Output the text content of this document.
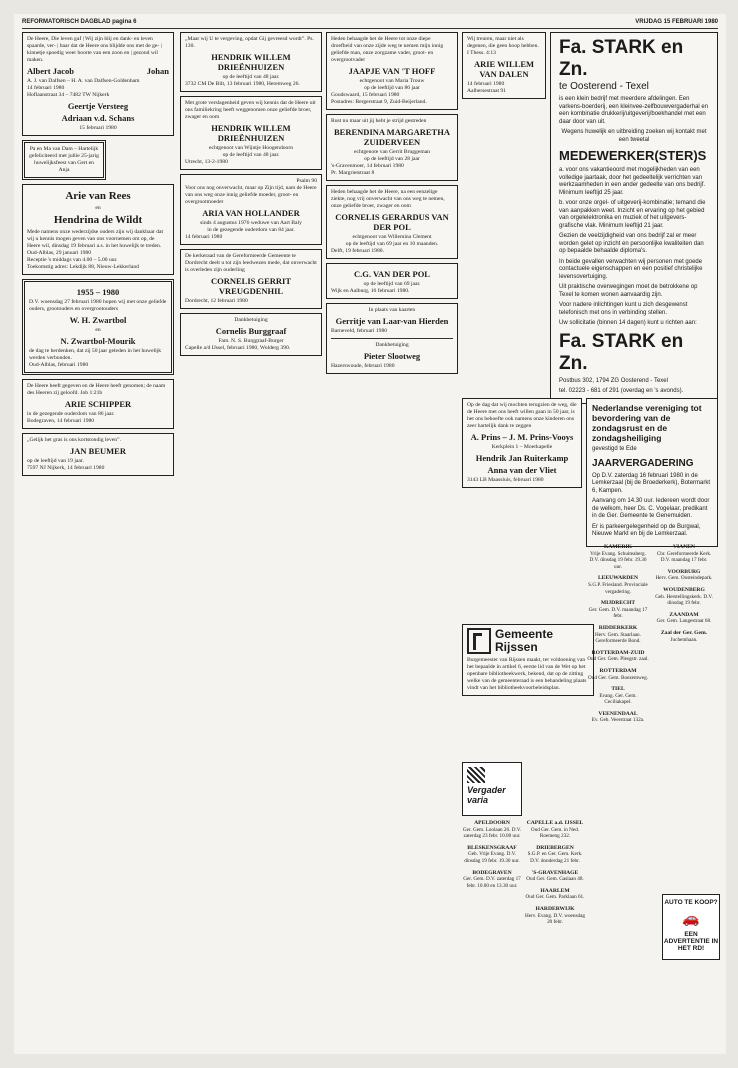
REFORMATORISCH DAGBLAD pagina 6	VRIJDAG 15 FEBRUARI 1980
De Heere, Die leven gaf | Wij zijn blij en dank- en leven spaarde, ver- | baar dat de Heere ons blijdde ons met de ge- | kinnetje spoedig weer boorte van een zoon en | gezond wil maken.
Albert Jacob	Johan
A. J. van Dalfsen – H. A. van Dalfsen-Goldenham
14 februari 1980
Hoflaanstraat 34 – 7482 TW Nijkerk
Geertje Versteeg
Adriaan v.d. Schans
15 februari 1980
Pa en Ma van Dam – Hartelijk gefeliciteerd met jullie 25-jarig huwelijksfeest van Gert en Anja
Arie van Rees
en
Hendrina de Wildt
Mede namens onze wederzijdse ouders zijn wij dankbaar dat wij u kennis mogen geven van ons voornemen om op, de Heere wil, dinsdag 19 februari a.s. in het huwelijk te treden.
Oud-Alblas, 29 januari 1980
Receptie 's middags van 4.00 – 5.00 uur.
Toekomstig adres: Lekdijk 88, Nieuw-Lekkerland
1955 – 1980
D.V. woensdag 27 februari 1980 hopen wij met onze geliefde ouders, grootouders en overgrootouders
W. H. Zwartbol
en
N. Zwartbol-Mourik
de dag te herdenken, dat zij 50 jaar geleden in het huwelijk werden verbonden.
Oud-Alblas, februari 1980
De Heere heeft gegeven en de Heere heeft genomen; de naam des Heeren zij geloofd. Job 1:21b
ARIE SCHIPPER
in de gezegende ouderdom van 86 jaar.
Bodegraven, 14 februari 1980
„Gelijk het gras is ons kortstondig leven”.
JAN BEUMER
op de leeftijd van 19 jaar.
7597 NJ Nijkerk, 14 februari 1980
„Maar wij U te vergeving, opdat Gij gevreesd wordt”. Ps. 130.
HENDRIK WILLEM DRIEËNHUIZEN
op de leeftijd van 48 jaar.
3732 CM De Bilt, 13 februari 1980, Heremweg 26.
Met grote verslagenheid geven wij kennis dat de Heere uit ons familiekring heeft weggenomen onze geliefde broer, zwager en oom
HENDRIK WILLEM DRIEËNHUIZEN
echtgenoot van Wijntje Hoogendoorn
op de leeftijd van 48 jaar.
Utrecht, 13-2-1980
Psalm 90
Voor ons nog onverwacht, maar op Zijn tijd, nam de Heere van ons weg onze innig geliefde moeder, groot- en overgrootmoeder
ARIA VAN HOLLANDER
sinds 4 augustus 1976 weduwe van Aart Baly
in de gezegende ouderdom van 84 jaar.
14 februari 1980
De kerkeraad van de Gereformeerde Gemeente te Dordrecht deelt u tot zijn leedwezen mede, dat onverwacht is overleden zijn ouderling
CORNELIS GERRIT VREUGDENHIL
Dordrecht, 12 februari 1980
Dankbetuiging
Cornelis Burggraaf
Fam. N. S. Burggraaf-Burger
Capelle a/d IJssel, februari 1980, Wolderg 390.
Heden behaagde het de Heere tot onze diepe droefheid van onze zijde weg te nemen mijn innig geliefde man, onze zorgzame vader, groot- en overgrootvader
JAAPJE VAN 'T HOFF
echtgenoot van Maria Trouw
op de leeftijd van 86 jaar
Goudswaard, 15 februari 1980
Postadres: Bergerstraat 9, Zuid-Beijerland.
Rust nu maar uit jij hebt je strijd gestreden
BERENDINA MARGARETHA ZUIDERVEEN
echtgenote van Gerrit Bruggeman
op de leeftijd van 28 jaar
's-Gravenmoer, 14 februari 1980
Pr. Margrietstraat 8
Heden behaagde het de Heere, na een eenzelige ziekte, nog vrij onverwacht van ons weg te nemen, onze geliefde broer, zwager en oom
CORNELIS GERARDUS VAN DER POL
echtgenoot van Willemina Clement
op de leeftijd van 69 jaar en 10 maanden.
Delft, 19 februari 1980.
C.G. VAN DER POL
op de leeftijd van 69 jaar.
Wijk en Aalburg, 16 februari 1980.
In plaats van kaarten
Gerritje van Laar-van Hierden
Barneveld, februari 1980
Dankbetuiging
Pieter Slootweg
Hazerswoude, februari 1980
Wij treuren, maar niet als degenen, die geen hoop hebben. I Thess. 4:13
ARIE WILLEM VAN DALEN
14 februari 1980
Aalbersestraat 91
Fa. STARK en Zn.
te Oosterend - Texel

is een klein bedrijf met meerdere afdelingen. Een varkens-boerderij, een kleinvee-zelfbouwvergaderhal en een kombinatie drukkerij/uitgeverij/boekhandel met een daar door van uit.

Wegens huwelijk en uitbreiding zoeken wij kontakt met een tweetal

MEDEWERKER(STER)S

a. voor ons vakantieoord met mogelijkheden van een volledige jaartaak, door het gedeeltelijk verrichten van werkzaamheden in een ander gedeelte van ons bedrijf. Minimum leeftijd 25 jaar.

b. voor onze orgel- of uitgeverij-kombinatie; temand die van aanpakken weet. Inzicht en ervaring op het gebied van orgelelektronika en muziek of het uitgevers-grafische vlak. Minimum leeftijd 21 jaar.

Gezien de veelzijdigheid van ons bedrijf zal er meer worden gelet op inzicht en persoonlijke kwaliteiten dan op bepaalde behaalde diploma's.

In beide gevallen verwachten wij personen met goede contactuele eigenschappen en een positief christelijke levensovertuiging.

Uit praktische overwegingen moet de betrokkene op Texel te komen wonen aanvaardig zijn.

Voor nadere inlichtingen kunt u zich desgewenst telefonisch met ons in verbinding stellen.

Uw sollicitatie (binnen 14 dagen) kunt u richten aan:

Fa. STARK en Zn.

Postbus 302, 1794 ZG Oosterend - Texel

tel. 02223 - 681 of 291 (overdag en 's avonds).

Op de dag dat wij mochten terugzien de weg, die de Heere met ons heeft willen gaan in 50 jaar, is het ons behoefte ook namens onze kinderen ons zeer hartelijk dank te zeggen
A. Prins – J. M. Prins-Vooys
Kerkplein 1 – Moerkapelle
Hendrik Jan Ruiterkamp
Anna van der Vliet
3143 LB Maassluis, februari 1980
Nederlandse vereniging tot bevordering van de zondagsrust en de zondagsheiliging

gevestigd te Ede

JAARVERGADERING

Op D.V. zaterdag 16 februari 1980 in de Lemkerzaal (bij de Broederkerk), Botermarkt 6, Kampen.

Aanvang om 14.30 uur. Iedereen wordt door de welkom, heer Ds. C. Vogelaar, predikant in de Ger. Gemeente te Genemuiden.

Er is parkeergelegenheid op de Burgwal, Nieuwe Markt en bij de Lemkerzaal.

Gemeente
Rijssen
Burgemeester van Rijssen maakt, ter voldoening van het bepaalde in artikel 6, eerste lid van de Wet op het openbare bibliotheekwerk, bekend, dat op de zitting welke van de gemeenteraad is een behandeling plaats vindt van het bibliotheekvoorbeleidsplan.
Vergader varia
APELDOORN
Ger. Gem. Loolaan 26. D.V. zaterdag 23 febr. 10.00 uur.
BLESKENSGRAAF
Geb. Vrije Evang. D.V. dinsdag 19 febr. 19.30 uur.
BODEGRAVEN
Ger. Gem. D.V. zaterdag 17 febr. 10.00 en 13.30 uur.
CAPELLE a.d. IJSSEL
Oud Ger. Gem. in Ned. Roemeng 232.
DRIEBERGEN
S.G.P. en Ger. Gem. Kerk. D.V. donderdag 21 febr.
'S-GRAVENHAGE
Oud Ger. Gem. Gaslaan 48.
HAARLEM
Oud Ger. Gem. Parklaan 61.
HARDERWIJK
Herv. Evang. D.V. woensdag 20 febr.
KAMERIK
Vrije Evang. Schuiteaberg. D.V. dinsdag 19 febr. 19.30 uur.
LEEUWARDEN
S.G.P. Friesland. Provinciale vergadering.
MIJDRECHT
Ger. Gem. D.V. maandag 17 febr.
RIDDERKERK
Herv. Gem. Staarlaan. Gereformeerde Bond.
ROTTERDAM-ZUID
Oud Ger. Gem. Plesgstr. zaal.
ROTTERDAM
Oud Ger. Gem. Boezemweg.
TIEL
Evang. Ger. Gem. Ceciliakapel.
VEENENDAAL
Ev. Geb. Veerstraat 132a.
VIANEN
Chr. Gereformeerde Kerk. D.V. maandag 17 febr.
VOORBURG
Herv. Gem. Oosteindepark.
WOUDENBERG
Geb. Herstellingskerk. D.V. dinsdag 19 febr.
ZAANDAM
Ger. Gem. Langestraat 68.
Zaal der Ger. Gem.
Juchemhaan.
AUTO TE KOOP?
🚗
EEN ADVERTENTIE IN HET RD!
